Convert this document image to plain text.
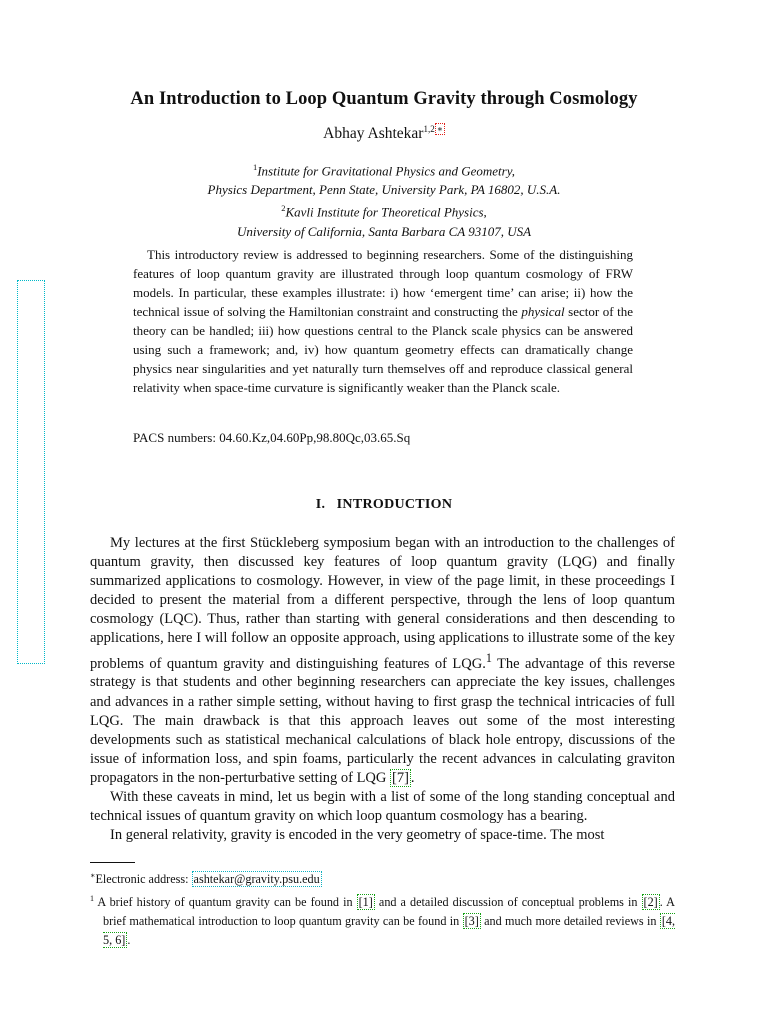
An Introduction to Loop Quantum Gravity through Cosmology
Abhay Ashtekar$^{1,2 ∗}$
$^1$Institute for Gravitational Physics and Geometry,
Physics Department, Penn State, University Park, PA 16802, U.S.A.
$^2$Kavli Institute for Theoretical Physics,
University of California, Santa Barbara CA 93107, USA

This introductory review is addressed to beginning researchers. Some of the distinguishing features of loop quantum gravity are illustrated through loop quantum cosmology of FRW models. In particular, these examples illustrate: i) how ‘emergent time’ can arise; ii) how the technical issue of solving the Hamiltonian constraint and constructing the physical sector of the theory can be handled; iii) how questions central to the Planck scale physics can be answered using such a framework; and, iv) how quantum geometry effects can dramatically change physics near singularities and yet naturally turn themselves off and reproduce classical general relativity when space-time curvature is significantly weaker than the Planck scale.

PACS numbers: 04.60.Kz,04.60Pp,98.80Qc,03.65.Sq

I. INTRODUCTION

My lectures at the first Stückleberg symposium began with an introduction to the challenges of quantum gravity, then discussed key features of loop quantum gravity (LQG) and finally summarized applications to cosmology. However, in view of the page limit, in these proceedings I decided to present the material from a different perspective, through the lens of loop quantum cosmology (LQC). Thus, rather than starting with general considerations and then descending to applications, here I will follow an opposite approach, using applications to illustrate some of the key problems of quantum gravity and distinguishing features of LQG.$^1$ The advantage of this reverse strategy is that students and other beginning researchers can appreciate the key issues, challenges and advances in a rather simple setting, without having to first grasp the technical intricacies of full LQG. The main drawback is that this approach leaves out some of the most interesting developments such as statistical mechanical calculations of black hole entropy, discussions of the issue of information loss, and spin foams, particularly the recent advances in calculating graviton propagators in the non-perturbative setting of LQG [7] .

With these caveats in mind, let us begin with a list of some of the long standing conceptual and technical issues of quantum gravity on which loop quantum cosmology has a bearing.

In general relativity, gravity is encoded in the very geometry of space-time. The most

∗Electronic address: ashtekar@gravity.psu.edu

$^1$ A brief history of quantum gravity can be found in [1] and a detailed discussion of conceptual problems in [2] . A brief mathematical introduction to loop quantum gravity can be found in [3] and much more detailed reviews in [4, 5, 6] .
